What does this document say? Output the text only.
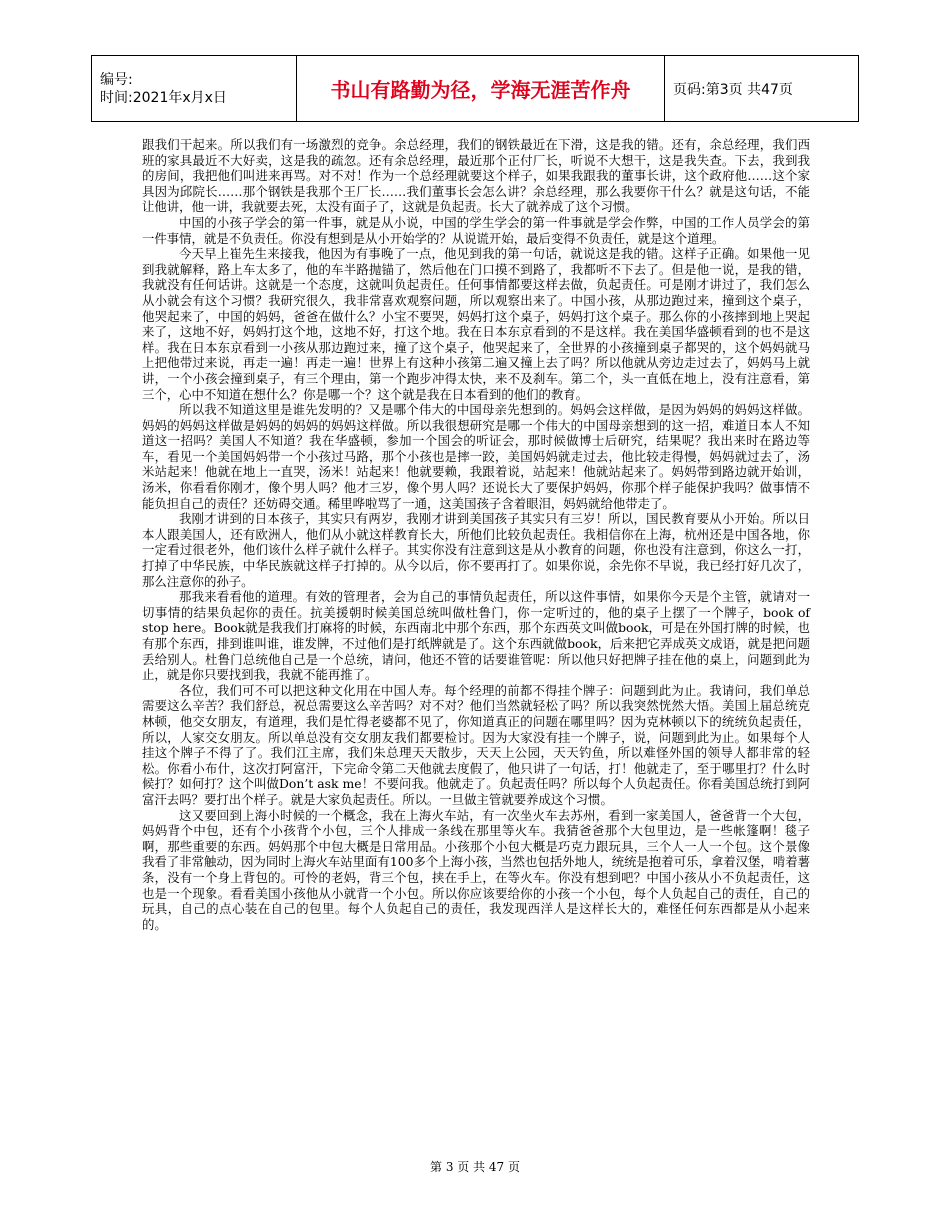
编号:
时间:2021年x月x日	书山有路勤为径，学海无涯苦作舟	页码:第3页 共47页

跟我们干起来。所以我们有一场激烈的竞争。余总经理，我们的钢铁最近在下滑，这是我的错。还有，余总经理，我们西班的家具最近不大好卖，这是我的疏忽。还有余总经理，最近那个正付厂长，听说不大想干，这是我失查。下去，我到我的房间，我把他们叫进来再骂。对不对！作为一个总经理就要这个样子，如果我跟我的董事长讲，这个政府他……这个家具因为邱院长……那个钢铁是我那个王厂长……我们董事长会怎么讲？余总经理，那么我要你干什么？就是这句话，不能让他讲，他一讲，我就要去死，太没有面子了，这就是负起责。长大了就养成了这个习惯。

中国的小孩子学会的第一件事，就是从小说，中国的学生学会的第一件事就是学会作弊，中国的工作人员学会的第一件事情，就是不负责任。你没有想到是从小开始学的？从说谎开始，最后变得不负责任，就是这个道理。

今天早上崔先生来接我，他因为有事晚了一点，他见到我的第一句话，就说这是我的错。这样子正确。如果他一见到我就解释，路上车太多了，他的车半路抛锚了，然后他在门口摸不到路了，我都听不下去了。但是他一说，是我的错，我就没有任何话讲。这就是一个态度，这就叫负起责任。任何事情都要这样去做，负起责任。可是刚才讲过了，我们怎么从小就会有这个习惯？我研究很久，我非常喜欢观察问题，所以观察出来了。中国小孩，从那边跑过来，撞到这个桌子，他哭起来了，中国的妈妈，爸爸在做什么？小宝不要哭，妈妈打这个桌子，妈妈打这个桌子。那么你的小孩摔到地上哭起来了，这地不好，妈妈打这个地，这地不好，打这个地。我在日本东京看到的不是这样。我在美国华盛顿看到的也不是这样。我在日本东京看到一小孩从那边跑过来，撞了这个桌子，他哭起来了，全世界的小孩撞到桌子都哭的，这个妈妈就马上把他带过来说，再走一遍！再走一遍！世界上有这种小孩第二遍又撞上去了吗？所以他就从旁边走过去了，妈妈马上就讲，一个小孩会撞到桌子，有三个理由，第一个跑步冲得太快，来不及刹车。第二个，头一直低在地上，没有注意看，第三个，心中不知道在想什么？你是哪一个？这个就是我在日本看到的他们的教育。

所以我不知道这里是谁先发明的？又是哪个伟大的中国母亲先想到的。妈妈会这样做，是因为妈妈的妈妈这样做。妈妈的妈妈这样做是妈妈的妈妈的妈妈这样做。所以我很想研究是哪一个伟大的中国母亲想到的这一招，难道日本人不知道这一招吗？美国人不知道？我在华盛顿，参加一个国会的听证会，那时候做博士后研究，结果呢？我出来时在路边等车，看见一个美国妈妈带一个小孩过马路，那个小孩也是摔一跤，美国妈妈就走过去，他比较走得慢，妈妈就过去了，汤米站起来！他就在地上一直哭，汤米！站起来！他就要赖，我跟着说，站起来！他就站起来了。妈妈带到路边就开始训，汤米，你看看你刚才，像个男人吗？他才三岁，像个男人吗？还说长大了要保护妈妈，你那个样子能保护我吗？做事情不能负担自己的责任？还妨碍交通。稀里哗啦骂了一通，这美国孩子含着眼泪，妈妈就给他带走了。

我刚才讲到的日本孩子，其实只有两岁，我刚才讲到美国孩子其实只有三岁！所以，国民教育要从小开始。所以日本人跟美国人，还有欧洲人，他们从小就这样教育长大，所他们比较负起责任。我相信你在上海，杭州还是中国各地，你一定看过很老外，他们该什么样子就什么样子。其实你没有注意到这是从小教育的问题，你也没有注意到，你这么一打，打掉了中华民族，中华民族就这样子打掉的。从今以后，你不要再打了。如果你说，余先你不早说，我已经打好几次了，那么注意你的孙子。

那我来看看他的道理。有效的管理者，会为自己的事情负起责任，所以这件事情，如果你今天是个主管，就请对一切事情的结果负起你的责任。抗美援朝时候美国总统叫做杜鲁门，你一定听过的，他的桌子上摆了一个牌子，book of stop here。Book就是我我们打麻将的时候，东西南北中那个东西，那个东西英文叫做book，可是在外国打牌的时候，也有那个东西，排到谁叫谁，谁发牌，不过他们是打纸牌就是了。这个东西就做book，后来把它弄成英文成语，就是把问题丢给别人。杜鲁门总统他自己是一个总统，请问，他还不管的话要谁管呢：所以他只好把牌子挂在他的桌上，问题到此为止，就是你只要找到我，我就不能再推了。

各位，我们可不可以把这种文化用在中国人寿。每个经理的前都不得挂个牌子：问题到此为止。我请问，我们单总需要这么辛苦？我们舒总，祝总需要这么辛苦吗？对不对？他们当然就轻松了吗？所以我突然恍然大悟。美国上届总统克林顿，他交女朋友，有道理，我们是忙得老婆都不见了，你知道真正的问题在哪里吗？因为克林顿以下的统统负起责任，所以，人家交女朋友。所以单总没有交女朋友我们都要检讨。因为大家没有挂一个牌子，说，问题到此为止。如果每个人挂这个牌子不得了了。我们江主席，我们朱总理天天散步，天天上公园，天天钓鱼，所以难怪外国的领导人都非常的轻松。你看小布什，这次打阿富汗，下完命令第二天他就去度假了，他只讲了一句话，打！他就走了，至于哪里打？什么时候打？如何打？这个叫做Don’t ask me！不要问我。他就走了。负起责任吗？所以每个人负起责任。你看美国总统打到阿富汗去吗？要打出个样子。就是大家负起责任。所以。一旦做主管就要养成这个习惯。

这又要回到上海小时候的一个概念，我在上海火车站，有一次坐火车去苏州，看到一家美国人，爸爸背一个大包，妈妈背个中包，还有个小孩背个小包，三个人排成一条线在那里等火车。我猜爸爸那个大包里边，是一些帐篷啊！毯子啊，那些重要的东西。妈妈那个中包大概是日常用品。小孩那个小包大概是巧克力跟玩具，三个人一人一个包。这个景像我看了非常触动，因为同时上海火车站里面有100多个上海小孩，当然也包括外地人，统统是抱着可乐，拿着汉堡，啃着薯条，没有一个身上背包的。可怜的老妈，背三个包，挟在手上，在等火车。你没有想到吧？中国小孩从小不负起责任，这也是一个现象。看看美国小孩他从小就背一个小包。所以你应该要给你的小孩一个小包，每个人负起自己的责任，自己的玩具，自己的点心装在自己的包里。每个人负起自己的责任，我发现西洋人是这样长大的，难怪任何东西都是从小起来的。

第 3 页 共 47 页
